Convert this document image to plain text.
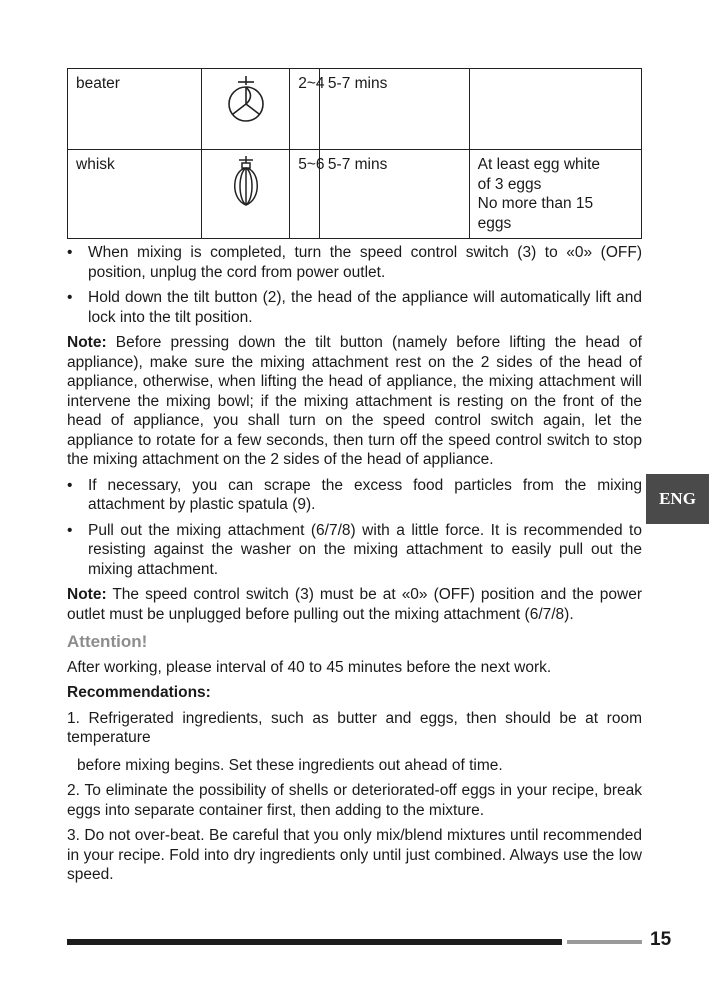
beater		2~4	5-7 mins	
whisk		5~6	5-7 mins	At least egg white
of 3 eggs
No more than 15
eggs
• When mixing is completed, turn the speed control switch (3) to «0» (OFF) position, unplug the cord from power outlet.
• Hold down the tilt button (2), the head of the appliance will automatically lift and lock into the tilt position.

Note: Before pressing down the tilt button (namely before lifting the head of appliance), make sure the mixing attachment rest on the 2 sides of the head of appliance, otherwise, when lifting the head of appliance, the mixing attachment will intervene the mixing bowl; if the mixing attachment is resting on the front of the head of appliance, you shall turn on the speed control switch again, let the appliance to rotate for a few seconds, then turn off the speed control switch to stop the mixing attachment on the 2 sides of the head of appliance.

• If necessary, you can scrape the excess food particles from the mixing attachment by plastic spatula (9).
• Pull out the mixing attachment (6/7/8) with a little force. It is recommended to resisting against the washer on the mixing attachment to easily pull out the mixing attachment.

Note: The speed control switch (3) must be at «0» (OFF) position and the power outlet must be unplugged before pulling out the mixing attachment (6/7/8).

Attention!

After working, please interval of 40 to 45 minutes before the next work.

Recommendations:

1. Refrigerated ingredients, such as butter and eggs, then should be at room temperature

before mixing begins. Set these ingredients out ahead of time.

2. To eliminate the possibility of shells or deteriorated-off eggs in your recipe, break eggs into separate container first, then adding to the mixture.

3. Do not over-beat. Be careful that you only mix/blend mixtures until recommended in your recipe. Fold into dry ingredients only until just combined. Always use the low speed.

ENG
15
